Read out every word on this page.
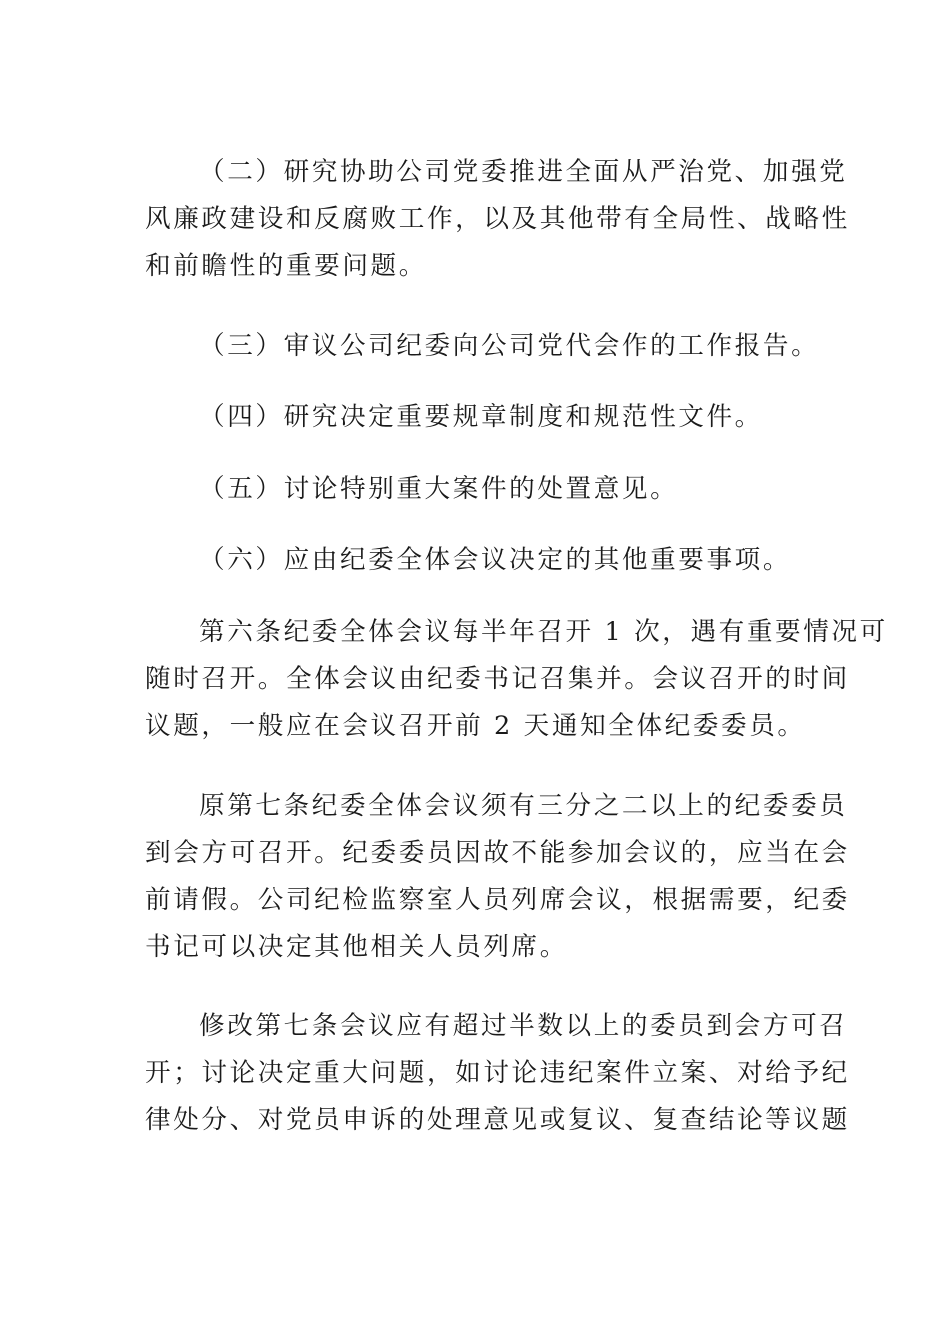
（二）研究协助公司党委推进全面从严治党、加强党
风廉政建设和反腐败工作，以及其他带有全局性、战略性
和前瞻性的重要问题。

（三）审议公司纪委向公司党代会作的工作报告。

（四）研究决定重要规章制度和规范性文件。

（五）讨论特别重大案件的处置意见。

（六）应由纪委全体会议决定的其他重要事项。

第六条纪委全体会议每半年召开 1 次，遇有重要情况可
随时召开。全体会议由纪委书记召集并。会议召开的时间
议题，一般应在会议召开前 2 天通知全体纪委委员。

原第七条纪委全体会议须有三分之二以上的纪委委员
到会方可召开。纪委委员因故不能参加会议的，应当在会
前请假。公司纪检监察室人员列席会议，根据需要，纪委
书记可以决定其他相关人员列席。

修改第七条会议应有超过半数以上的委员到会方可召
开；讨论决定重大问题，如讨论违纪案件立案、对给予纪
律处分、对党员申诉的处理意见或复议、复查结论等议题
